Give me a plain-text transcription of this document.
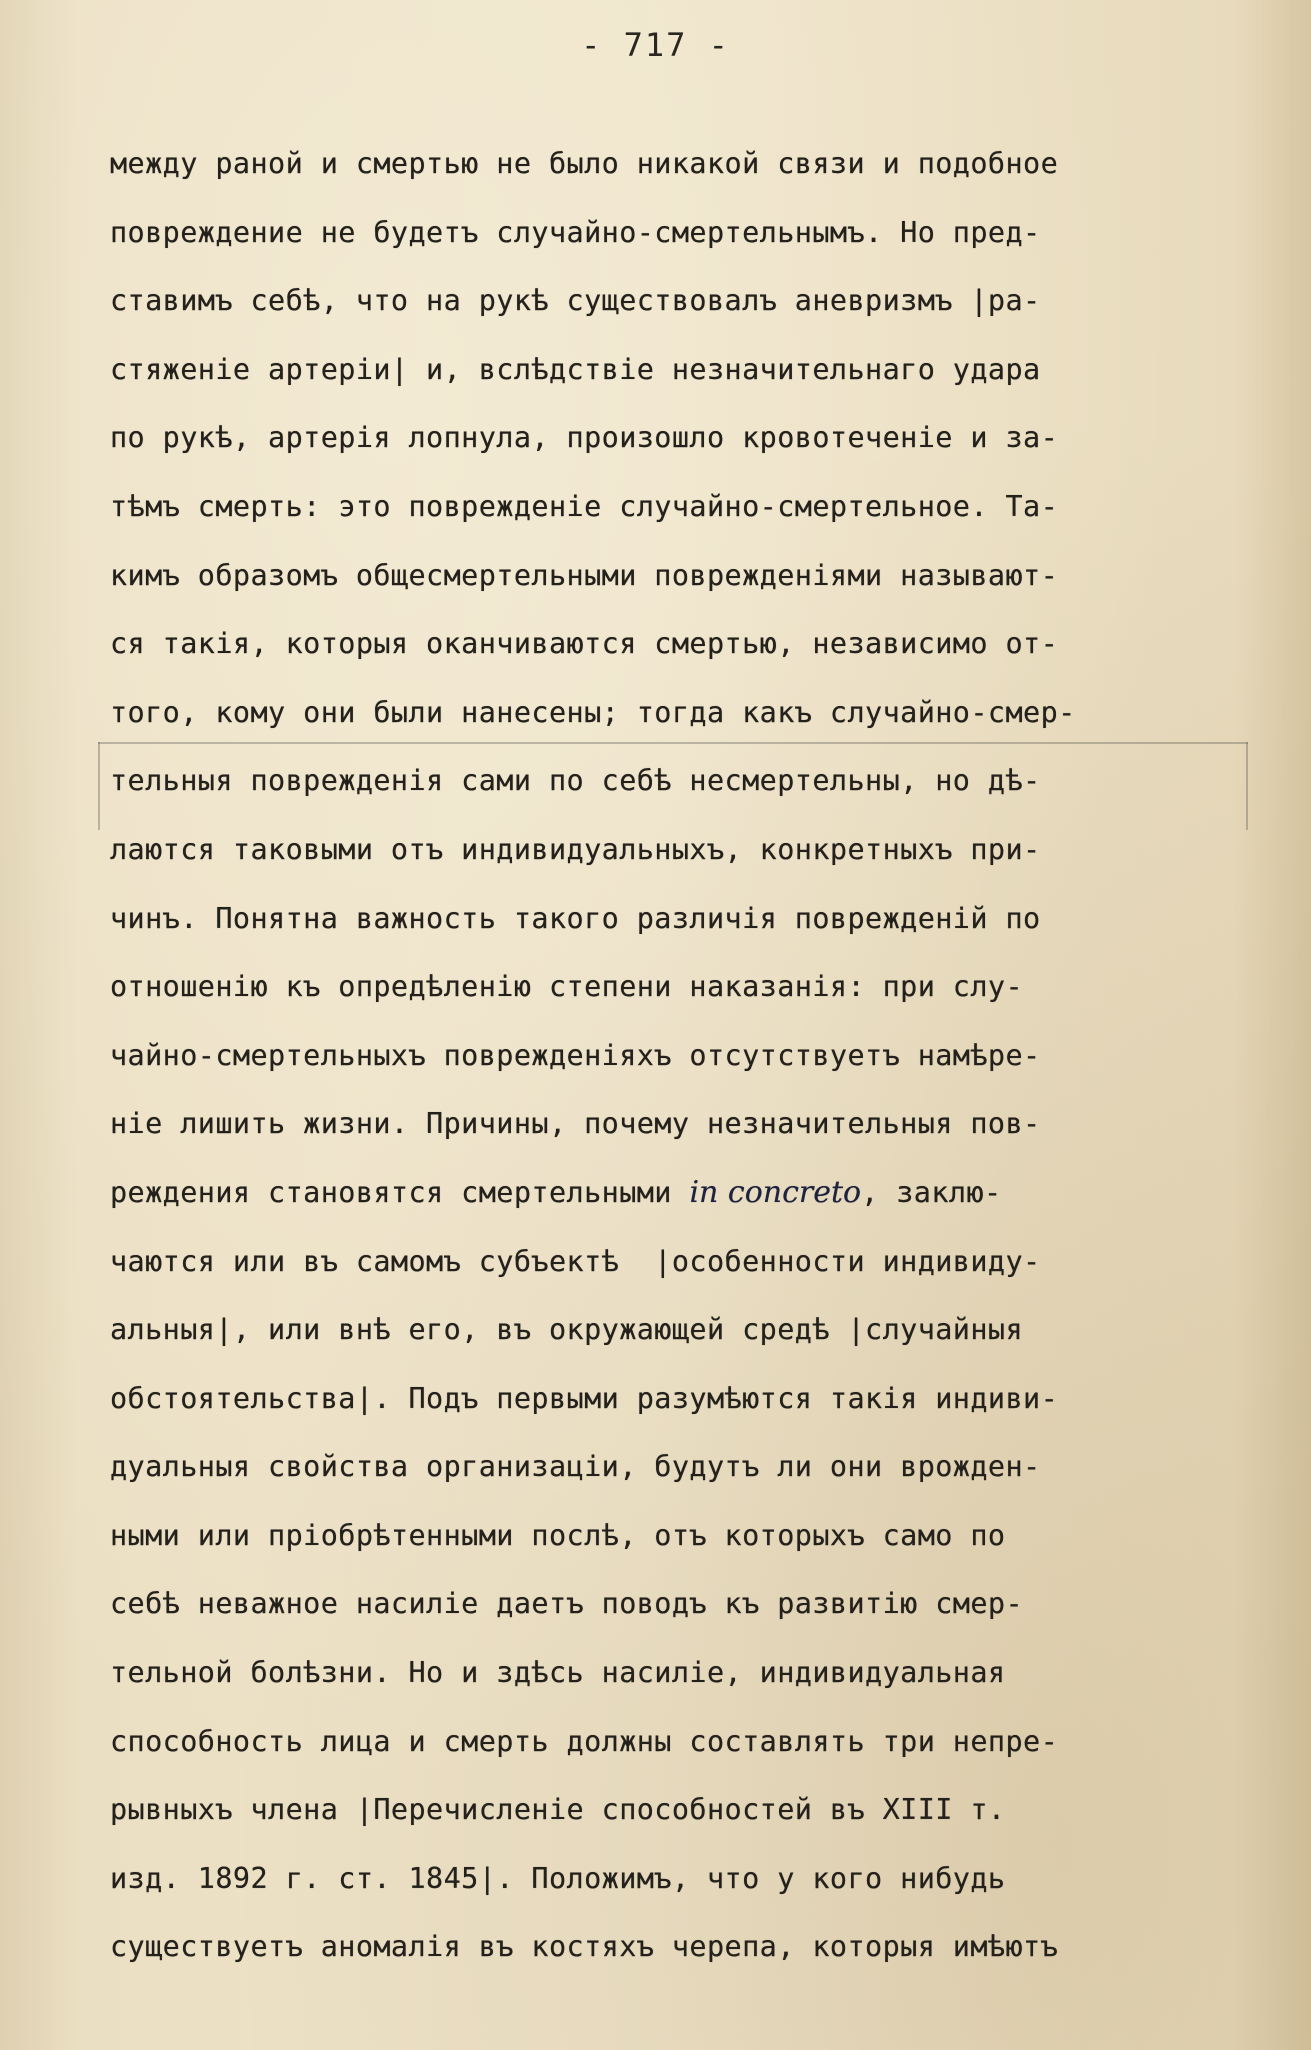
- 717 -
между раной и смертью не было никакой связи и подобное
повреждение не будетъ случайно-смертельнымъ. Но пред-
ставимъ себѣ, что на рукѣ существовалъ аневризмъ |ра-
стяженіе артеріи| и, вслѣдствіе незначительнаго удара
по рукѣ, артерія лопнула, произошло кровотеченіе и за-
тѣмъ смерть: это поврежденіе случайно-смертельное. Та-
кимъ образомъ общесмертельными поврежденіями называют-
ся такія, которыя оканчиваются смертью, независимо от-
того, кому они были нанесены; тогда какъ случайно-смер-
тельныя поврежденія сами по себѣ несмертельны, но дѣ-
лаются таковыми отъ индивидуальныхъ, конкретныхъ при-
чинъ. Понятна важность такого различія поврежденій по
отношенію къ опредѣленію степени наказанія: при слу-
чайно-смертельныхъ поврежденіяхъ отсутствуетъ намѣре-
ніе лишить жизни. Причины, почему незначительныя пов-
реждения становятся смертельными in concreto, заклю-
чаются или въ самомъ субъектѣ  |особенности индивиду-
альныя|, или внѣ его, въ окружающей средѣ |случайныя
обстоятельства|. Подъ первыми разумѣются такія индиви-
дуальныя свойства организаціи, будутъ ли они врожден-
ными или пріобрѣтенными послѣ, отъ которыхъ само по
себѣ неважное насиліе даетъ поводъ къ развитію смер-
тельной болѣзни. Но и здѣсь насиліе, индивидуальная
способность лица и смерть должны составлять три непре-
рывныхъ члена |Перечисленіе способностей въ XIII т.
изд. 1892 г. ст. 1845|. Положимъ, что у кого нибудь
существуетъ аномалія въ костяхъ черепа, которыя имѣютъ
